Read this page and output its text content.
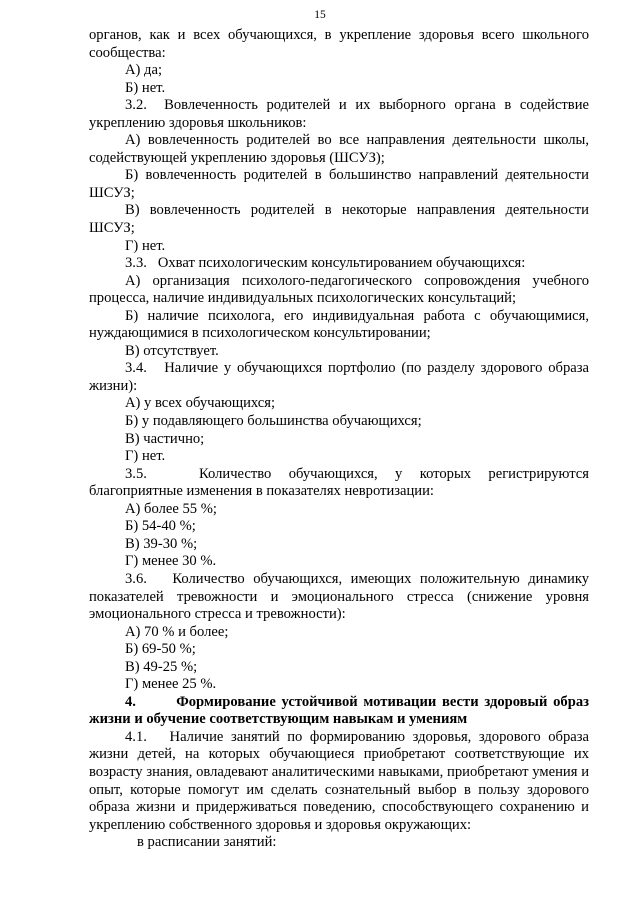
15

органов, как и всех обучающихся, в укрепление здоровья всего школьного сообщества:

А) да;

Б) нет.

3.2.  Вовлеченность родителей и их выборного органа в содействие укреплению здоровья школьников:

А) вовлеченность родителей во все направления деятельности школы, содействующей укреплению здоровья (ШСУЗ);

Б) вовлеченность родителей в большинство направлений деятельности ШСУЗ;

В) вовлеченность родителей в некоторые направления деятельности ШСУЗ;

Г) нет.

3.3.   Охват психологическим консультированием обучающихся:

А) организация психолого-педагогического сопровождения учебного процесса, наличие индивидуальных психологических консультаций;

Б) наличие психолога, его индивидуальная работа с обучающимися, нуждающимися в психологическом консультировании;

В) отсутствует.

3.4.   Наличие у обучающихся портфолио (по разделу здорового образа жизни):

А) у всех обучающихся;

Б) у подавляющего большинства обучающихся;

В) частично;

Г) нет.

3.5.   Количество обучающихся, у которых регистрируются благоприятные изменения в показателях невротизации:

А) более 55 %;

Б) 54-40 %;

В) 39-30 %;

Г) менее 30 %.

3.6.   Количество обучающихся, имеющих положительную динамику показателей тревожности и эмоционального стресса (снижение уровня эмоционального стресса и тревожности):

А) 70 % и более;

Б) 69-50 %;

В) 49-25 %;

Г) менее 25 %.

4.       Формирование устойчивой мотивации вести здоровый образ жизни и обучение соответствующим навыкам и умениям

4.1.   Наличие занятий по формированию здоровья, здорового образа жизни детей, на которых обучающиеся приобретают соответствующие их возрасту знания, овладевают аналитическими навыками, приобретают умения и опыт, которые помогут им сделать сознательный выбор в пользу здорового образа жизни и придерживаться поведению, способствующего сохранению и укреплению собственного здоровья и здоровья окружающих:

в расписании занятий:
